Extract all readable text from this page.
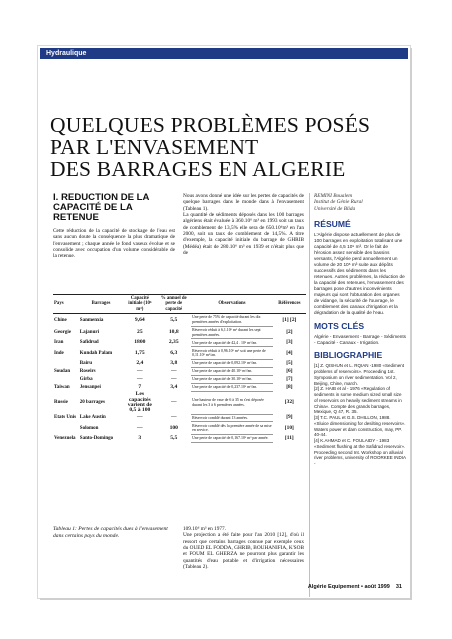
Hydraulique
QUELQUES PROBLÈMES POSÉS
PAR L'ENVASEMENT
DES BARRAGES EN ALGERIE
I. REDUCTION DE LA
CAPACITÉ DE LA
RETENUE

Cette réduction de la capacité de stockage de l'eau est sans aucun doute la conséquence la plus dramatique de l'envasement ; chaque année le fond vaseux évolue et se consolide avec occupation d'un volume considérable de la retenue.

Nous avons donné une idée sur les pertes de capacités de quelque barrages dans le monde dans à l'envasement (Tableau 1).
La quantité de sédiments déposés dans les 100 barrages algériens était évaluée à 360.10⁶ m³ en 1993 soit un taux de comblement de 13,5% elle sera de 650.10⁶m³ en l'an 2000, soit un taux de comblement de 14,5%. A titre d'exemple, la capacité initiale du barrage de GHRIB (Médéa) était de 280.10⁶ m³ en 1939 et n'était plus que de

REMINI Boualem
Institut de Génie Rural
Université de Blida
RÉSUMÉ

L'Algérie dispose actuellement de plus de 100 barrages en exploitation totalisant une capacité de 4,5 10⁹ m³. Or le fait de l'érosion assez sensible des bassins versants, l'Algérie perd annuellement un volume de 20 10⁶ m³ suite aux dépôts successifs des sédiments dans les retenues. Autres problèmes, la réduction de la capacité des retenues, l'envasement des barrages pose d'autres inconvénients majeurs qui sont l'obturation des organes de vidange, la sécurité de l'ouvrage, le comblement des canaux d'irrigation et la dégradation de la qualité de l'eau.

MOTS CLÉS

Algérie - Envasement - Barrage - Sédiments - Capacité - Canaux - Irrigation.

BIBLIOGRAPHIE

[1] Z. QISHUN et L. RQIAN -1980 «Sediment problems of reservoirs». Proceeding 1st.

Symposium on river sedimentation. Vol 2, Beijing, Chine, march.

[2] Z. HAIB et al - 1976 «Regulation of sediments in some medium sized small size of reservoirs on heavily sediment streams in China». Compte des grands barrages, Mexique, Q 47, R. 35.

[3] T.C. PAUL et G.S. DHILLON, 1988. «Sluice dimensioning for desilting reservoirs». Waters power et dam construction, may, PP. 40-44.

[4] K.AHMAD et C. FOULAIDY - 1983

«Sediment flushing at the Safidrud reservoir». Proceeding second Int. Workshop on alluvial river problems, university of ROORKEE INDIA -

Pays	Barrages	Capacité initiale (10⁶ m³)	% annuel de perte de capacité	Observations	Références
Chine	Sanmenxia	9,64	5,5	Une perte de 75% de capacité durant les dix premières années d'exploitation.	[1] [2]
Georgie	Lajanuri	25	10,8	Réservoir réduit à 6,1.10⁶ m³ durant les sept premières années.	[2]
Iran	Safidrud	1800	2,35	Une perte de capacité de 42,4 . 10⁶ m³/an.	[3]
Inde	Kundah Palam	1,75	6,3	Réservoir réduit à 0,96.10⁶ m³ soit une perte de 0,11.10⁶ m³/an.	[4]
	Bairu	2,4	3,8	Une perte de capacité de 0,092.10⁶ m³/an.	[5]
Soudan	Roseirs	—	—	Une perte de capacité de 40.10⁶ m³/an.	[6]
	Girba	—	—	Une perte de capacité de 30.10⁶ m³/an.	[7]
Taiwan	Jensanpei	7	3,4	Une perte de capacité de 0,237.10⁶ m³/an.	[8]
Russie	20 barrages	Les capacités varient de 0,5 à 100	—	Une hauteur de vase de 6 à 35 m s'est déposée durant les 3 à 6 premières années.	[32]
Etats Unis	Lake Austin	—	—	Réservoir comblé durant 13 années.	[9]
	Solomon	—	100	Réservoir comblé dès la première année de sa mise en service.	[10]
Venezuela	Santo-Domingo	3	5,5	Une perte de capacité de 0,167.10⁶ m³ par année.	[11]
Tableau 1: Pertes de capacités dues à l'envasement dans certains pays du monde.

109.10⁶ m³ en 1977.
Une projection a été faite pour l'an 2010 [12], d'où il ressort que certains barrages connue par exemple ceux du OUED EL FODDA, GHRIB, BOUHANIFIA, K'SOB et FOUM EL GHERZA ne pourront plus garantir les quantités d'eau potable et d'irrigation nécessaires (Tableau 2).

Algérie Equipement • août 1999 31
